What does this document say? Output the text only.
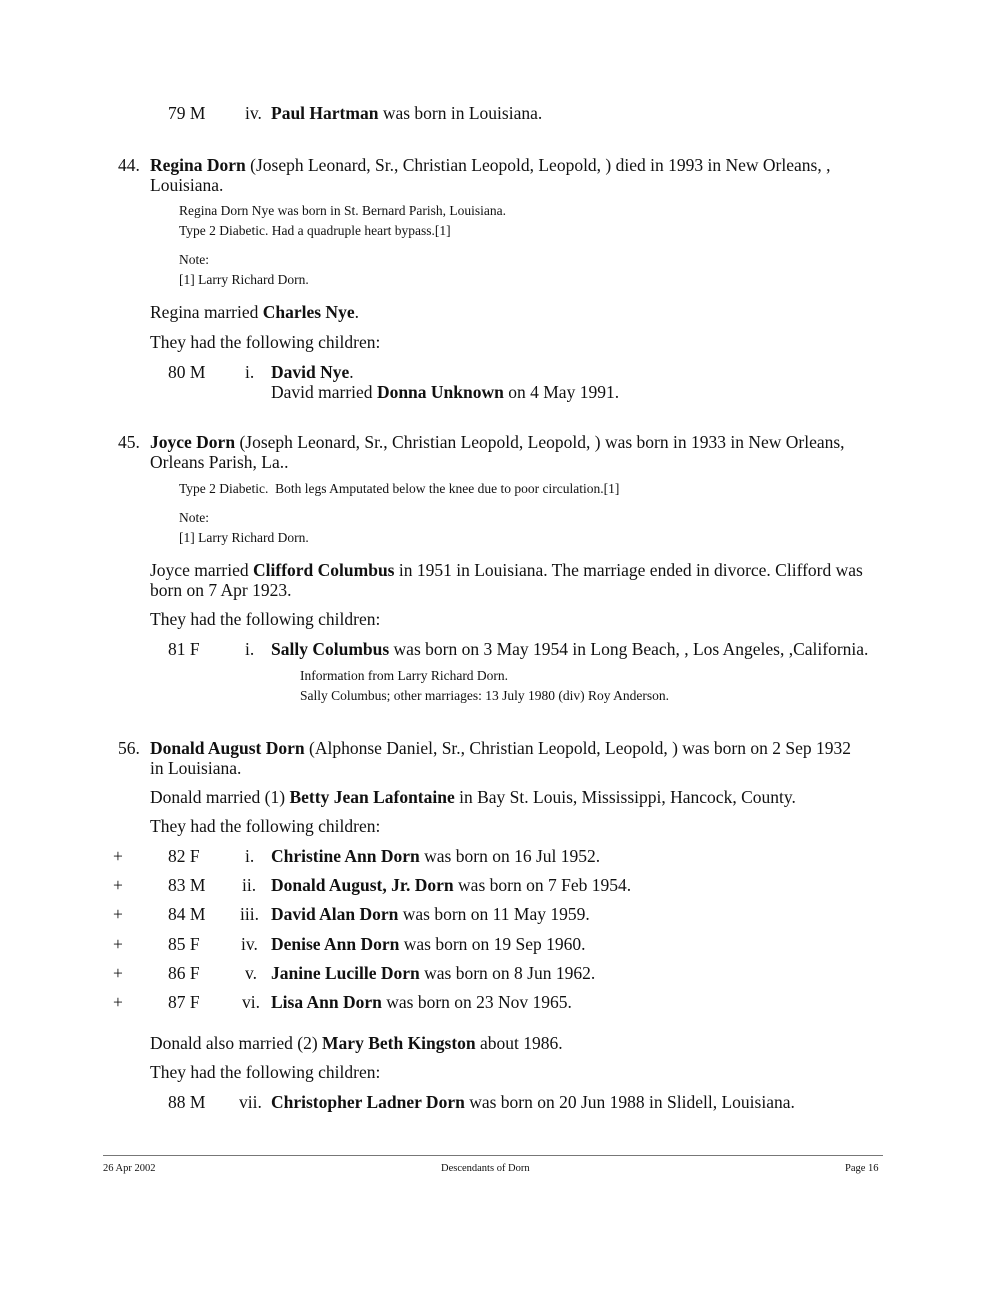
79 M iv. Paul Hartman was born in Louisiana.
44. Regina Dorn (Joseph Leonard, Sr., Christian Leopold, Leopold, ) died in 1993 in New Orleans, ,
Louisiana.
Regina Dorn Nye was born in St. Bernard Parish, Louisiana.
Type 2 Diabetic. Had a quadruple heart bypass.[1]
Note:
[1] Larry Richard Dorn.
Regina married Charles Nye.
They had the following children:
80 M i. David Nye.
David married Donna Unknown on 4 May 1991.
45. Joyce Dorn (Joseph Leonard, Sr., Christian Leopold, Leopold, ) was born in 1933 in New Orleans,
Orleans Parish, La..
Type 2 Diabetic.  Both legs Amputated below the knee due to poor circulation.[1]
Note:
[1] Larry Richard Dorn.
Joyce married Clifford Columbus in 1951 in Louisiana. The marriage ended in divorce. Clifford was
born on 7 Apr 1923.
They had the following children:
81 F	i. Sally Columbus was born on 3 May 1954 in Long Beach, , Los Angeles, ,California.
Information from Larry Richard Dorn.
Sally Columbus; other marriages: 13 July 1980 (div) Roy Anderson.
56. Donald August Dorn (Alphonse Daniel, Sr., Christian Leopold, Leopold, ) was born on 2 Sep 1932
in Louisiana.
Donald married (1) Betty Jean Lafontaine in Bay St. Louis, Mississippi, Hancock, County.
They had the following children:
+	82 F	i. Christine Ann Dorn was born on 16 Jul 1952.
+	83 M ii. Donald August, Jr. Dorn was born on 7 Feb 1954.
+	84 M iii. David Alan Dorn was born on 11 May 1959.
+	85 F iv. Denise Ann Dorn was born on 19 Sep 1960.
+	86 F	v. Janine Lucille Dorn was born on 8 Jun 1962.
+	87 F vi. Lisa Ann Dorn was born on 23 Nov 1965.
Donald also married (2) Mary Beth Kingston about 1986.
They had the following children:
88 M vii. Christopher Ladner Dorn was born on 20 Jun 1988 in Slidell, Louisiana.
26 Apr 2002	Descendants of Dorn	Page 16
